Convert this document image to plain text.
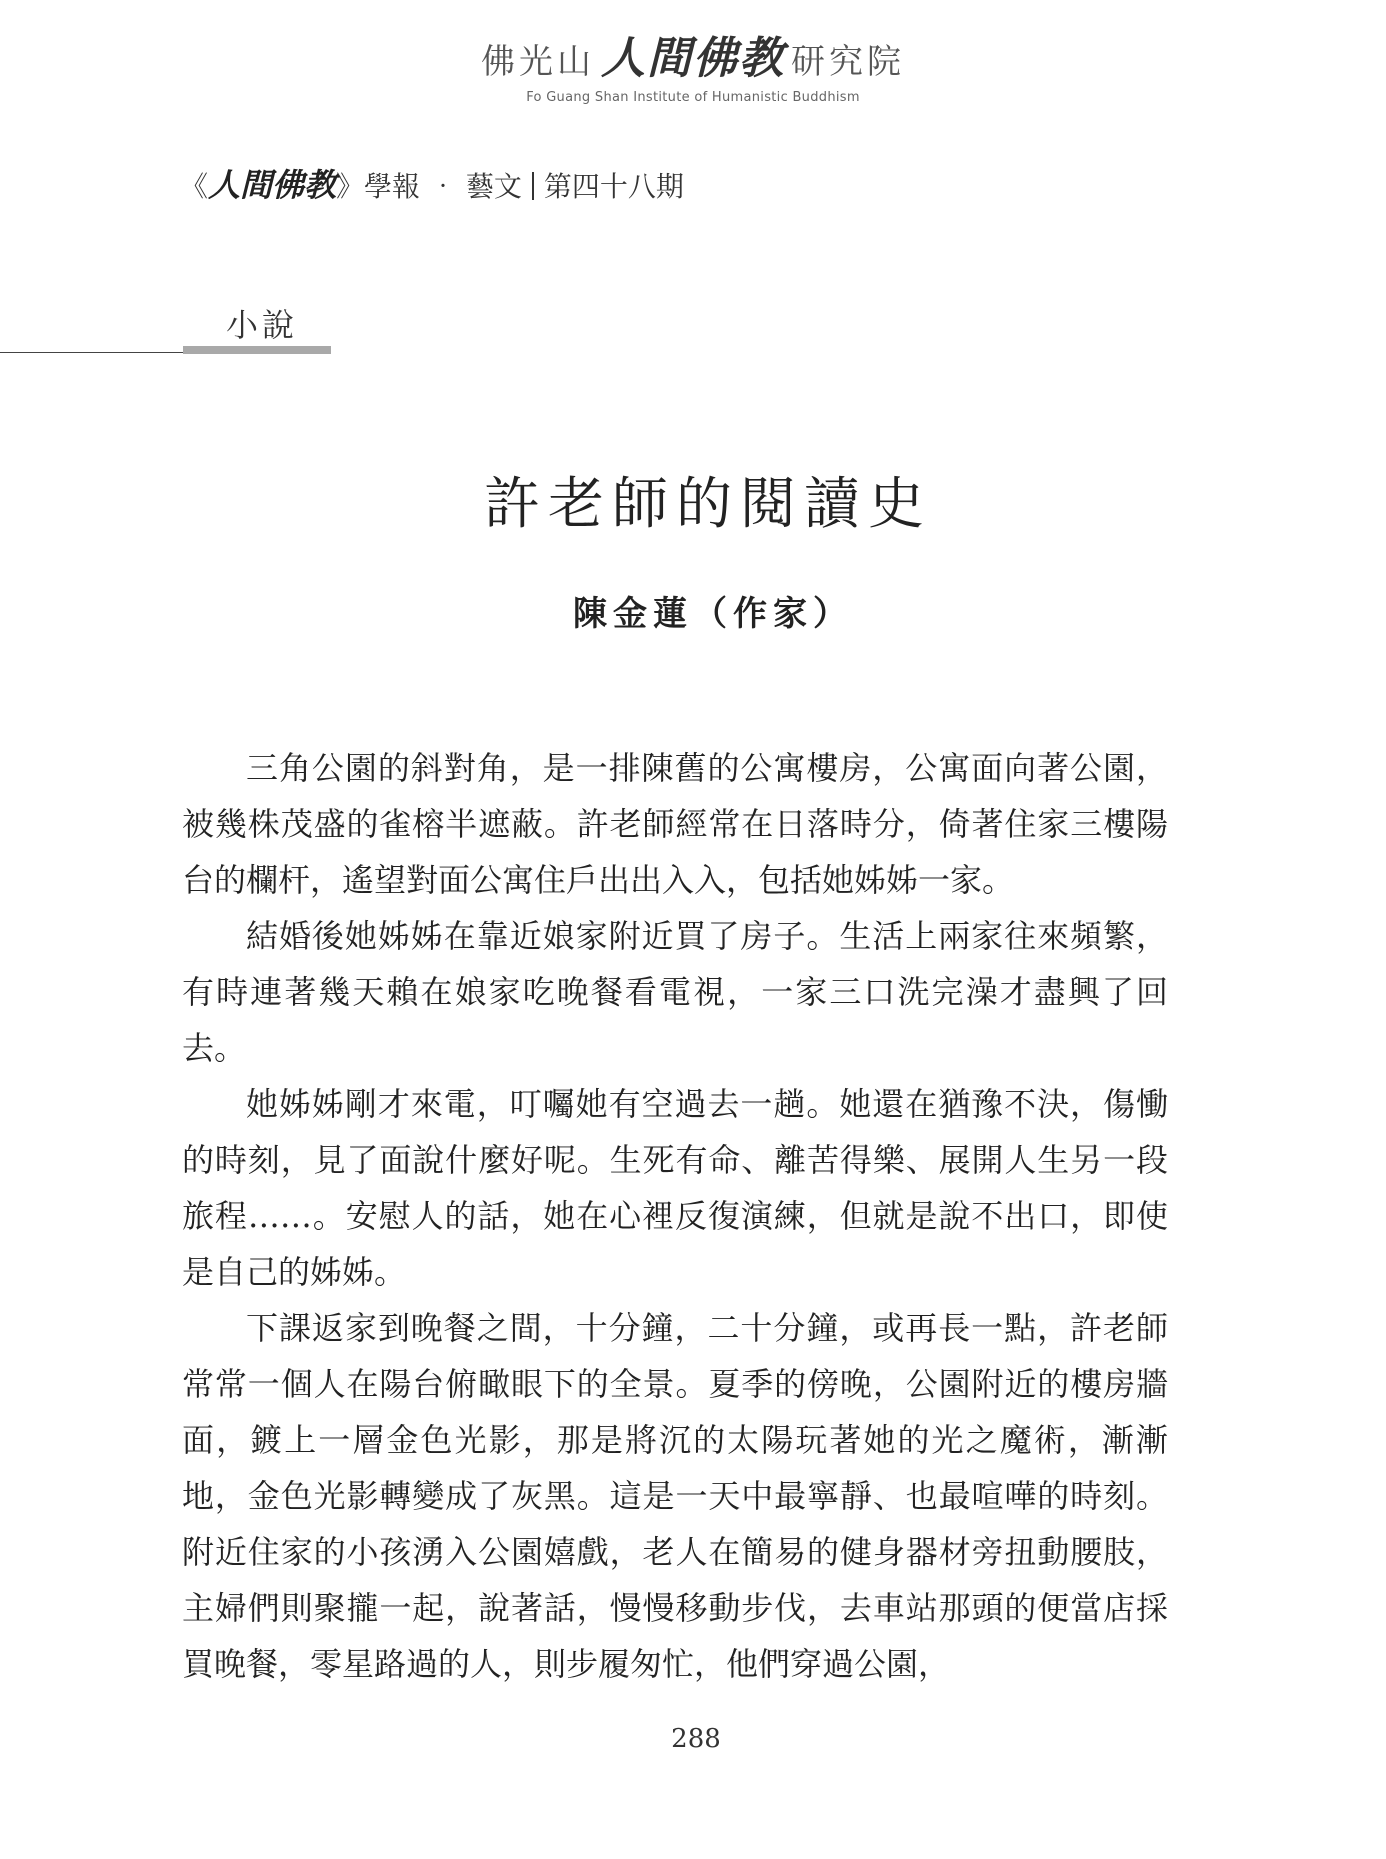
佛光山 人間佛教 研究院
Fo Guang Shan Institute of Humanistic Buddhism
《人間佛教》學報 ‧ 藝文 第四十八期
小說
許老師的閱讀史
陳金蓮（作家）

三角公園的斜對角，是一排陳舊的公寓樓房，公寓面向著公園，被幾株茂盛的雀榕半遮蔽。許老師經常在日落時分，倚著住家三樓陽台的欄杆，遙望對面公寓住戶出出入入，包括她姊姊一家。

結婚後她姊姊在靠近娘家附近買了房子。生活上兩家往來頻繁，有時連著幾天賴在娘家吃晚餐看電視，一家三口洗完澡才盡興了回去。

她姊姊剛才來電，叮囑她有空過去一趟。她還在猶豫不決，傷慟的時刻，見了面說什麼好呢。生死有命、離苦得樂、展開人生另一段旅程……。安慰人的話，她在心裡反復演練，但就是說不出口，即使是自己的姊姊。

下課返家到晚餐之間，十分鐘，二十分鐘，或再長一點，許老師常常一個人在陽台俯瞰眼下的全景。夏季的傍晚，公園附近的樓房牆面，鍍上一層金色光影，那是將沉的太陽玩著她的光之魔術，漸漸地，金色光影轉變成了灰黑。這是一天中最寧靜、也最喧嘩的時刻。附近住家的小孩湧入公園嬉戲，老人在簡易的健身器材旁扭動腰肢，主婦們則聚攏一起，說著話，慢慢移動步伐，去車站那頭的便當店採買晚餐，零星路過的人，則步履匆忙，他們穿過公園，

288
